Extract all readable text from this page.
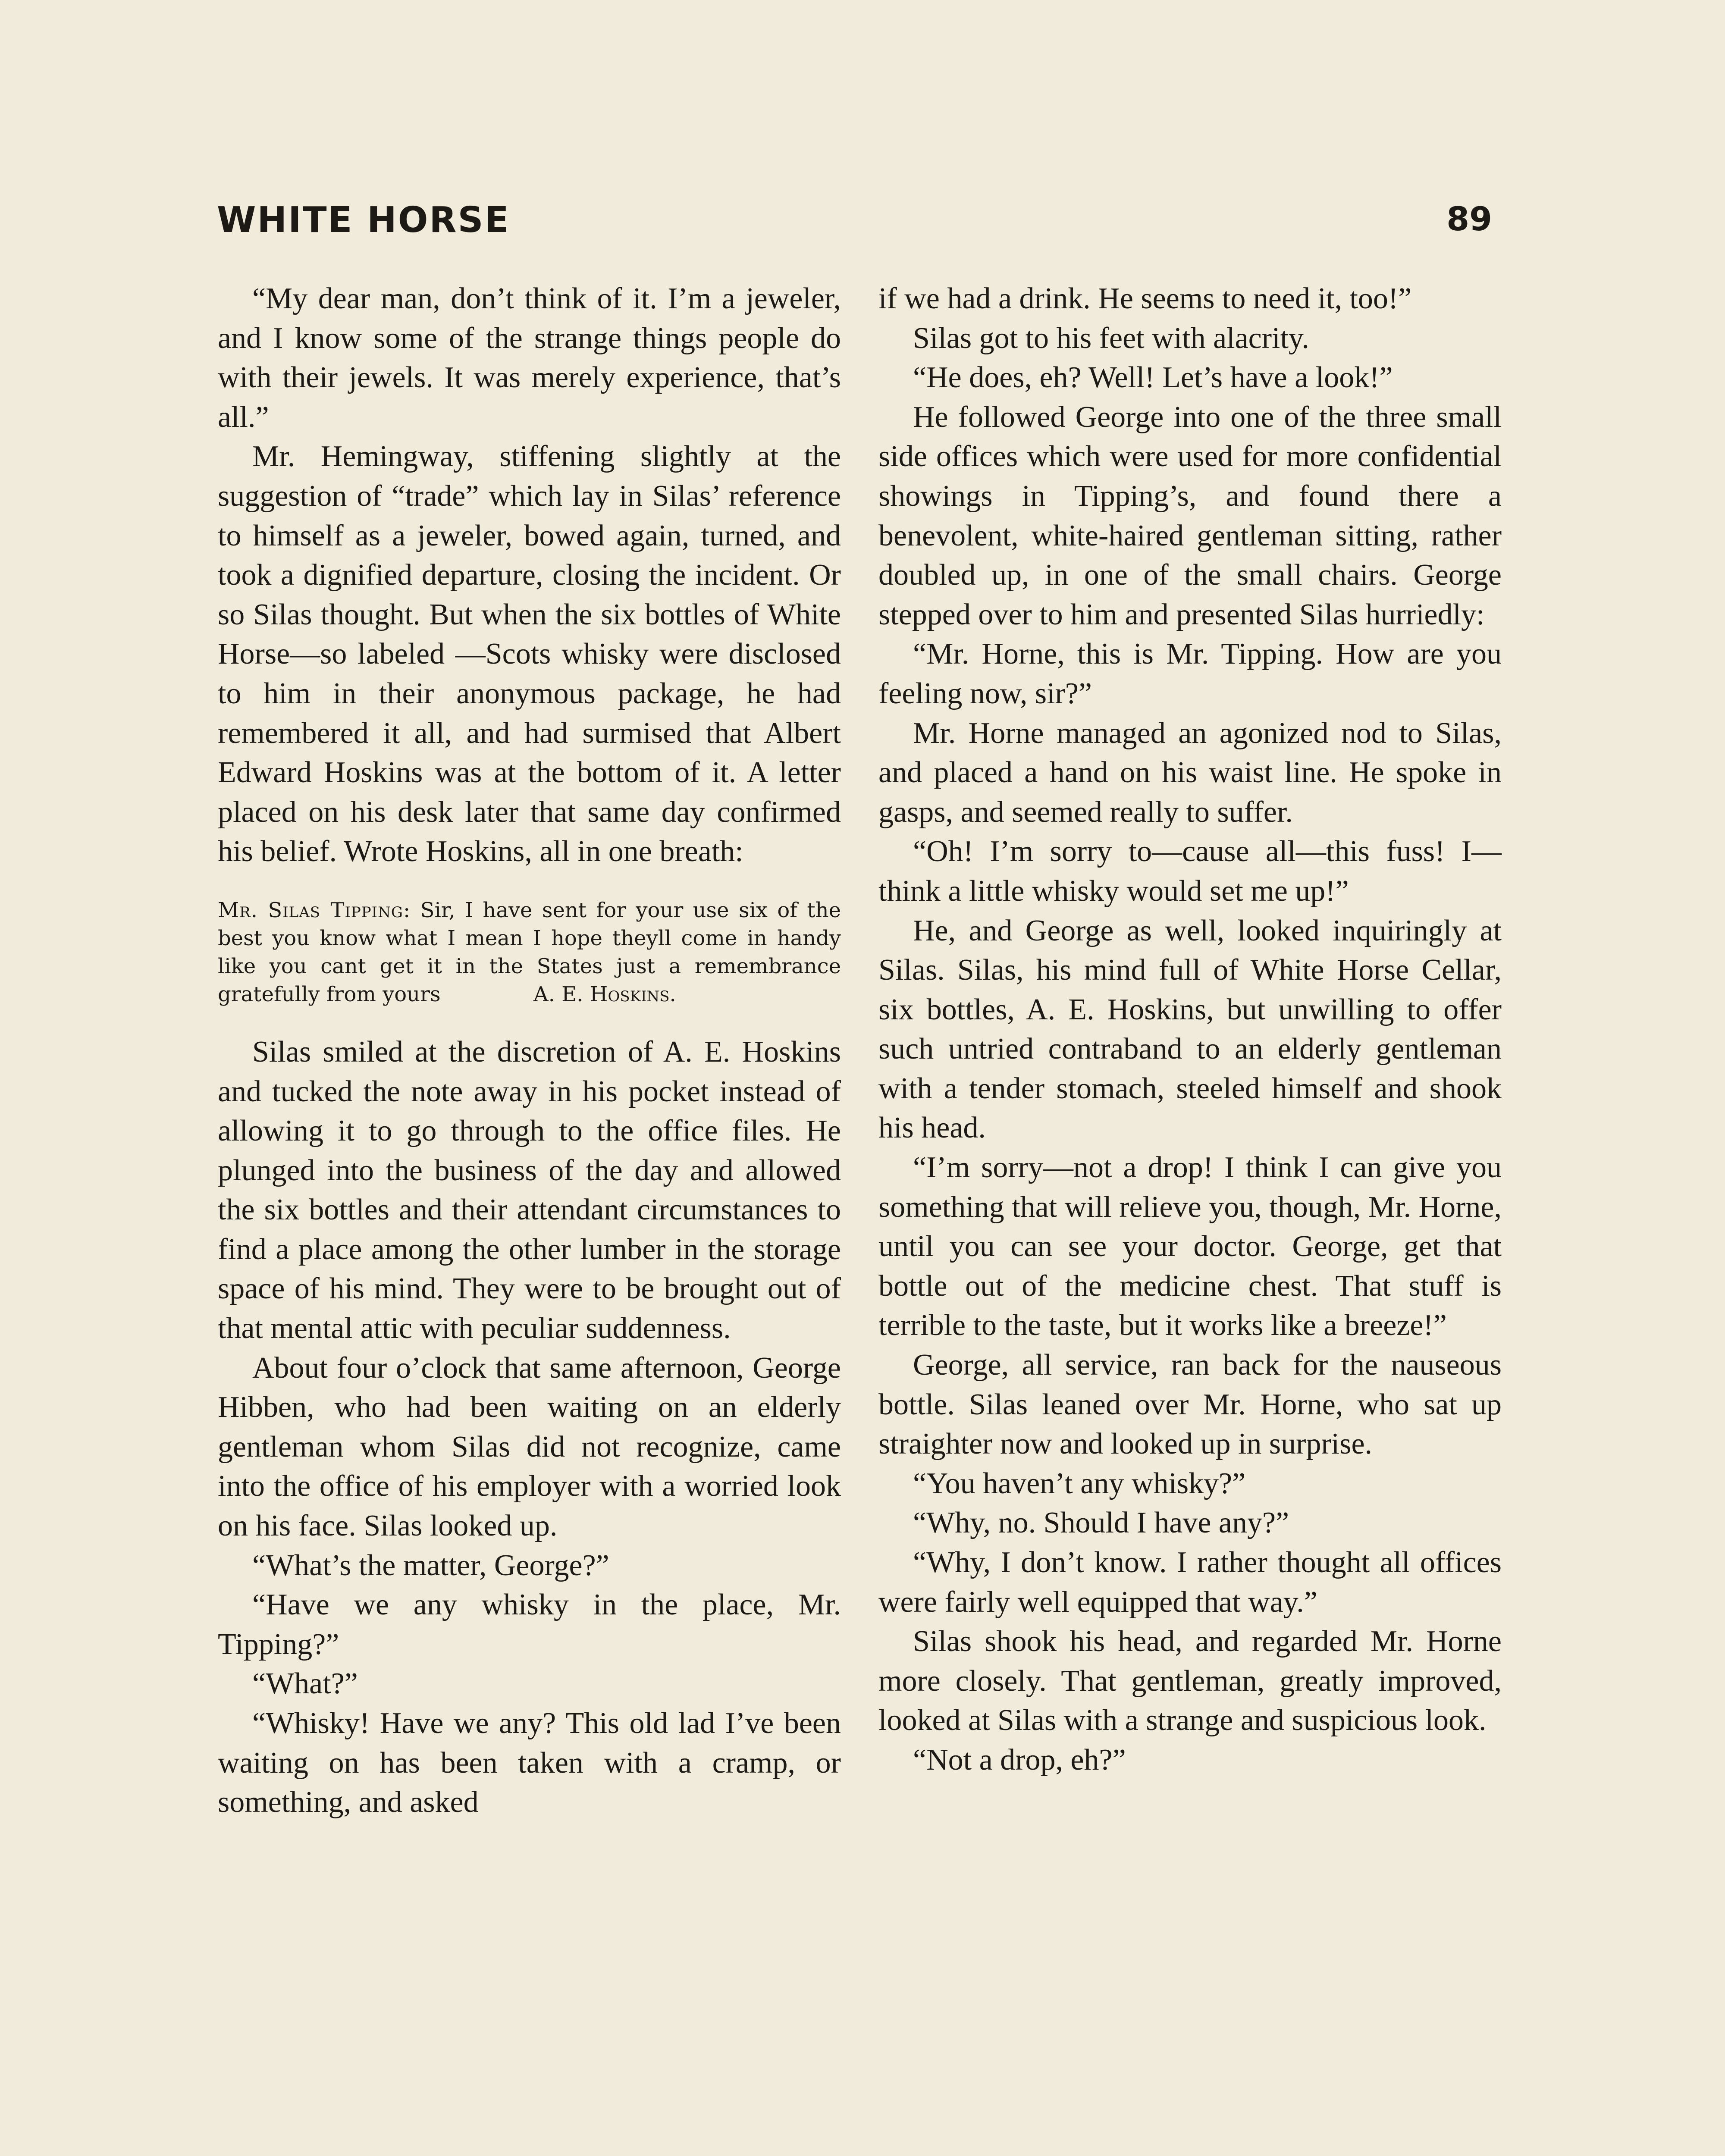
WHITE HORSE	89

“My dear man, don’t think of it. I’m a jeweler, and I know some of the strange things people do with their jewels. It was merely experience, that’s all.”

Mr. Hemingway, stiffening slightly at the suggestion of “trade” which lay in Silas’ reference to himself as a jeweler, bowed again, turned, and took a dignified departure, closing the incident. Or so Silas thought. But when the six bottles of White Horse—so labeled —Scots whisky were disclosed to him in their anonymous package, he had remembered it all, and had surmised that Albert Edward Hoskins was at the bottom of it. A letter placed on his desk later that same day confirmed his belief. Wrote Hoskins, all in one breath:

Mr. Silas Tipping: Sir, I have sent for your use six of the best you know what I mean I hope theyll come in handy like you cant get it in the States just a remembrance gratefully from yours	A. E. Hoskins.

Silas smiled at the discretion of A. E. Hoskins and tucked the note away in his pocket instead of allowing it to go through to the office files. He plunged into the business of the day and allowed the six bottles and their attendant circumstances to find a place among the other lumber in the storage space of his mind. They were to be brought out of that mental attic with peculiar suddenness.

About four o’clock that same afternoon, George Hibben, who had been waiting on an elderly gentleman whom Silas did not recognize, came into the office of his employer with a worried look on his face. Silas looked up.

“What’s the matter, George?”

“Have we any whisky in the place, Mr. Tipping?”

“What?”

“Whisky! Have we any? This old lad I’ve been waiting on has been taken with a cramp, or something, and asked

if we had a drink. He seems to need it, too!”

Silas got to his feet with alacrity.

“He does, eh? Well! Let’s have a look!”

He followed George into one of the three small side offices which were used for more confidential showings in Tipping’s, and found there a benevolent, white-haired gentleman sitting, rather doubled up, in one of the small chairs. George stepped over to him and presented Silas hurriedly:

“Mr. Horne, this is Mr. Tipping. How are you feeling now, sir?”

Mr. Horne managed an agonized nod to Silas, and placed a hand on his waist line. He spoke in gasps, and seemed really to suffer.

“Oh! I’m sorry to—cause all—this fuss! I—think a little whisky would set me up!”

He, and George as well, looked inquiringly at Silas. Silas, his mind full of White Horse Cellar, six bottles, A. E. Hoskins, but unwilling to offer such untried contraband to an elderly gentleman with a tender stomach, steeled himself and shook his head.

“I’m sorry—not a drop! I think I can give you something that will relieve you, though, Mr. Horne, until you can see your doctor. George, get that bottle out of the medicine chest. That stuff is terrible to the taste, but it works like a breeze!”

George, all service, ran back for the nauseous bottle. Silas leaned over Mr. Horne, who sat up straighter now and looked up in surprise.

“You haven’t any whisky?”

“Why, no. Should I have any?”

“Why, I don’t know. I rather thought all offices were fairly well equipped that way.”

Silas shook his head, and regarded Mr. Horne more closely. That gentleman, greatly improved, looked at Silas with a strange and suspicious look.

“Not a drop, eh?”
